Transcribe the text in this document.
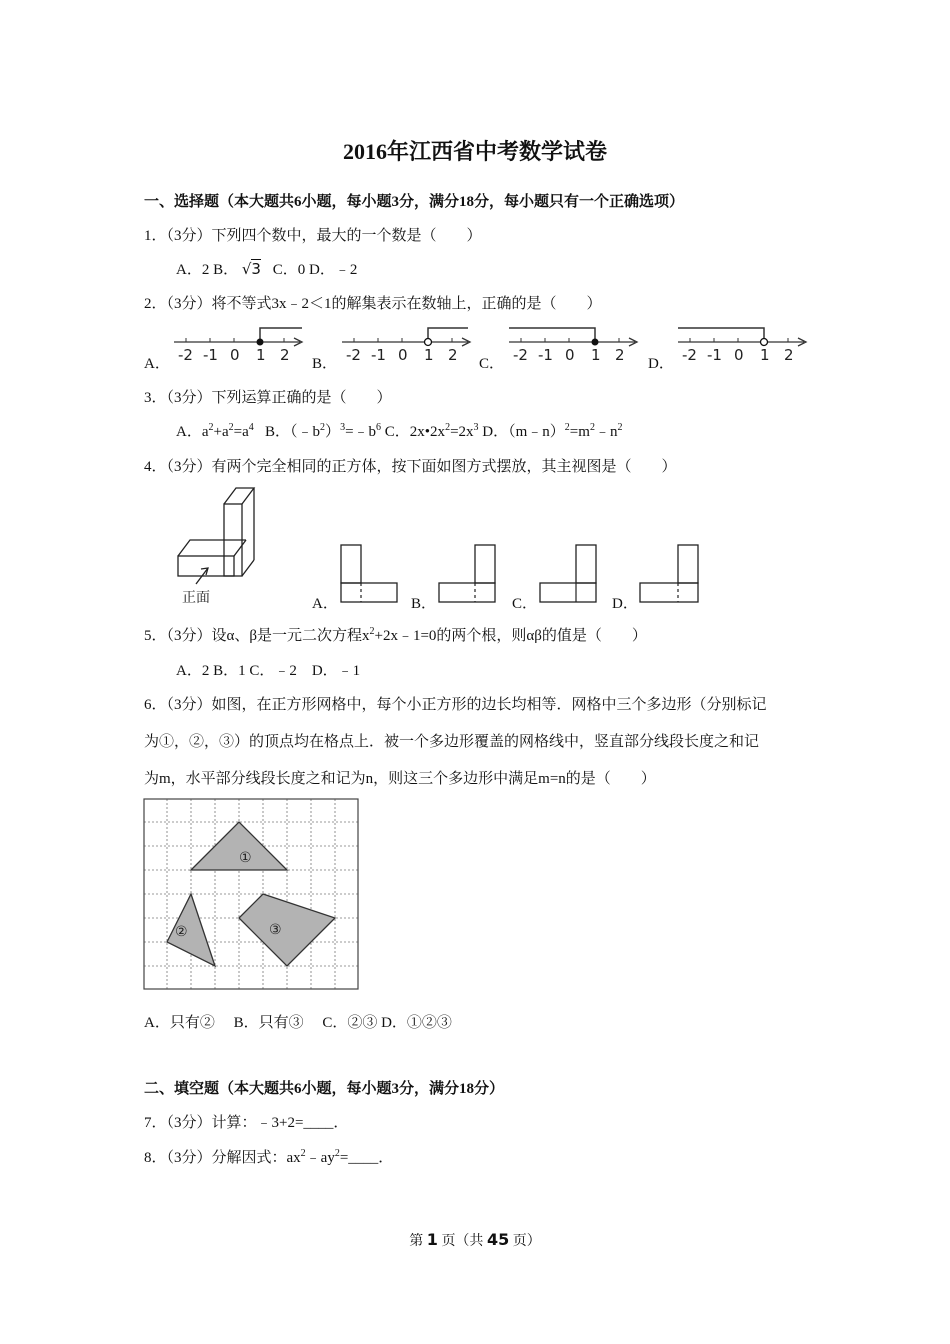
2016年江西省中考数学试卷
一、选择题（本大题共6小题，每小题3分，满分18分，每小题只有一个正确选项）
1．（3分）下列四个数中，最大的一个数是（　　）
A．2 B． √3 C．0 D．﹣2
2．（3分）将不等式3x﹣2＜1的解集表示在数轴上，正确的是（　　）
A．	B．	C．	D．
-2 -1 0 1 2	-2 -1 0 1 2	-2 -1 0 1 2	-2 -1 0 1 2
3．（3分）下列运算正确的是（　　）
A．$a^2+a^2=a^4$ B．$(﹣b^2)^3=﹣b^6$ C．$2x•2x^2=2x^3$ D．$(m﹣n)^2=m^2﹣n^2$
4．（3分）有两个完全相同的正方体，按下面如图方式摆放，其主视图是（　　）
正面	A．	B．	C．	D．
5．（3分）设α、β是一元二次方程$x^2+2x﹣1=0$的两个根，则αβ的值是（　　）
A．2 B．1 C．﹣2　D．﹣1
6．（3分）如图，在正方形网格中，每个小正方形的边长均相等．网格中三个多边形（分别标记
为①，②，③）的顶点均在格点上．被一个多边形覆盖的网格线中，竖直部分线段长度之和记
为m，水平部分线段长度之和记为n，则这三个多边形中满足m=n的是（　　）
①
②	③
A．只有②　 B．只有③　 C．②③ D．①②③
二、填空题（本大题共6小题，每小题3分，满分18分）
7．（3分）计算：﹣3+2=____．
8．（3分）分解因式：$ax^2﹣ay^2=\_\_\_\_$．
第 1 页（共 45 页）
